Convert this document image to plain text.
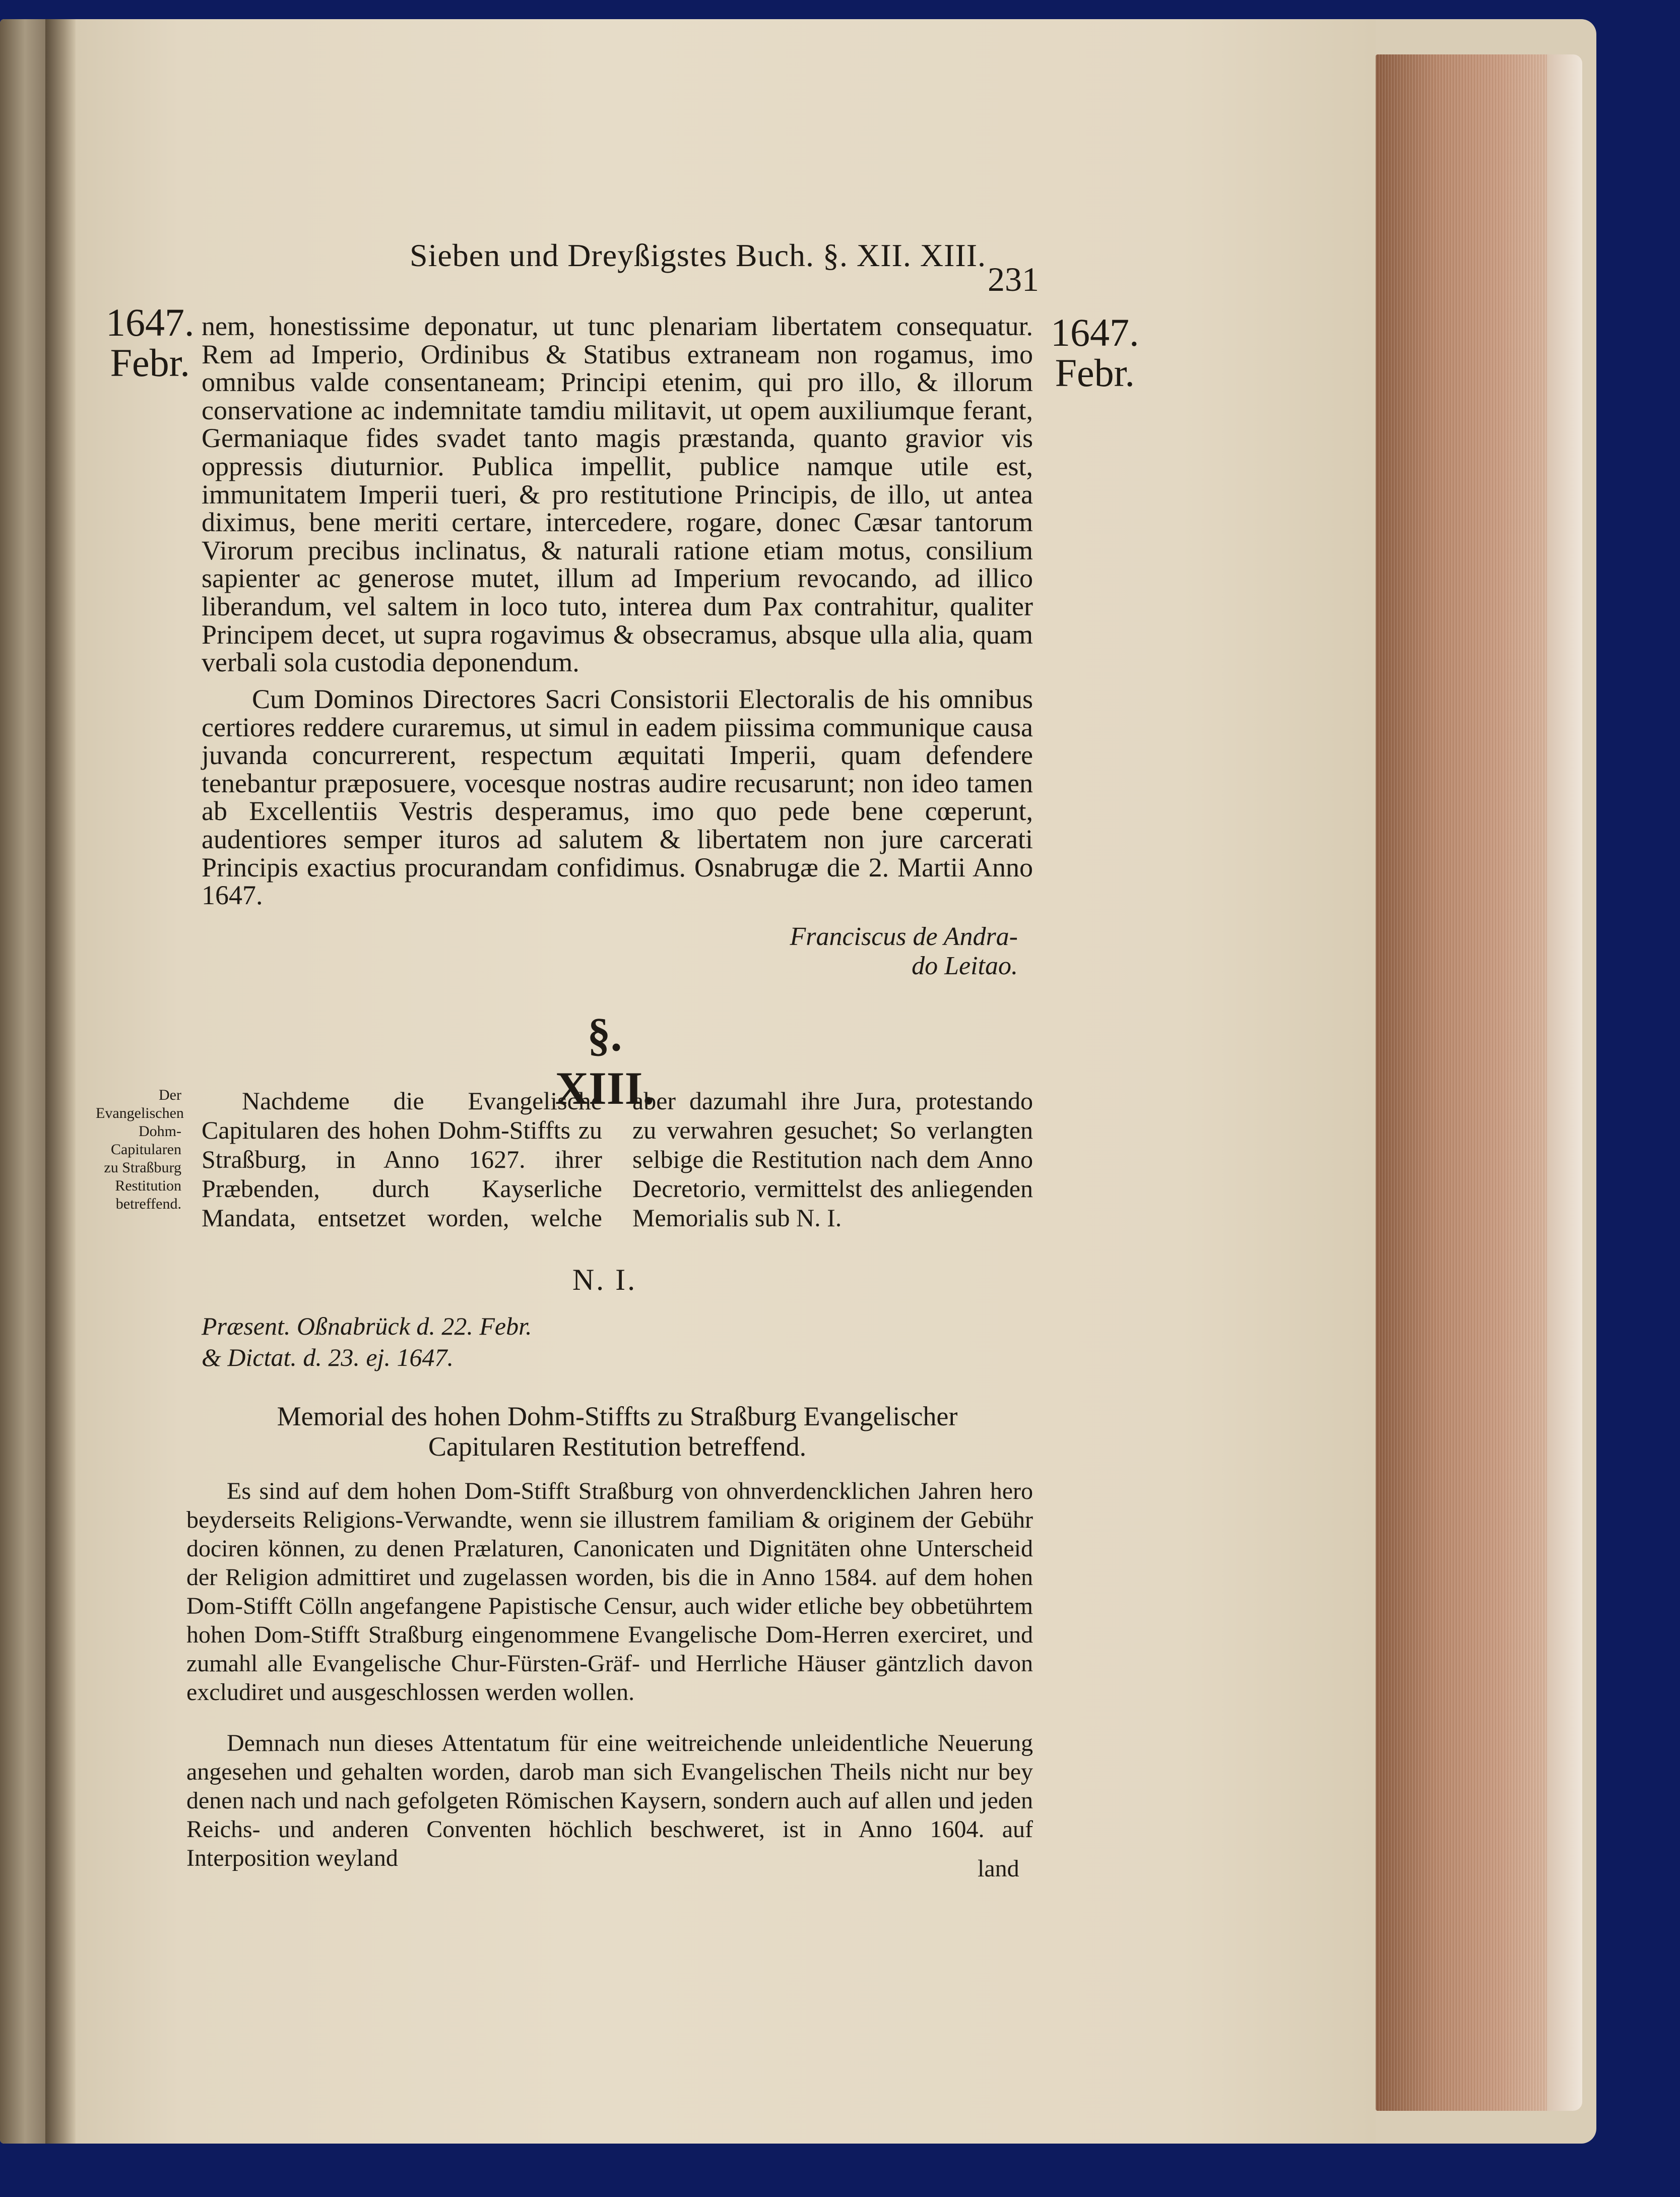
Sieben und Dreyßigstes Buch. §. XII. XIII.
231
1647.
Febr.
1647.
Febr.

nem, honestissime deponatur, ut tunc plenariam libertatem consequatur. Rem ad Imperio, Ordinibus & Statibus extraneam non rogamus, imo omnibus valde consentaneam; Principi etenim, qui pro illo, & illorum conservatione ac indemnitate tamdiu militavit, ut opem auxiliumque ferant, Germaniaque fides svadet tanto magis præstanda, quanto gravior vis oppressis diuturnior. Publica impellit, publice namque utile est, immunitatem Imperii tueri, & pro restitutione Principis, de illo, ut antea diximus, bene meriti certare, intercedere, rogare, donec Cæsar tantorum Virorum precibus inclinatus, & naturali ratione etiam motus, consilium sapienter ac generose mutet, illum ad Imperium revocando, ad illico liberandum, vel saltem in loco tuto, interea dum Pax contrahitur, qualiter Principem decet, ut supra rogavimus & obsecramus, absque ulla alia, quam verbali sola custodia deponendum.

Cum Dominos Directores Sacri Consistorii Electoralis de his omnibus certiores reddere curaremus, ut simul in eadem piissima communique causa juvanda concurrerent, respectum æquitati Imperii, quam defendere tenebantur præposuere, vocesque nostras audire recusarunt; non ideo tamen ab Excellentiis Vestris desperamus, imo quo pede bene cœperunt, audentiores semper ituros ad salutem & libertatem non jure carcerati Principis exactius procurandam confidimus. Osnabrugæ die 2. Martii Anno 1647.

Franciscus de Andra-
do Leitao.
§. XIII.
Der Evangelischen Dohm-Capitularen zu Straßburg Restitution betreffend.

Nachdeme die Evangelische Capitularen des hohen Dohm-Stiffts zu Straßburg, in Anno 1627. ihrer Præbenden, durch Kayserliche Mandata, entsetzet worden, welche aber dazumahl ihre Jura, protestando zu verwahren gesuchet; So verlangten selbige die Restitution nach dem Anno Decretorio, vermittelst des anliegenden Memorialis sub N. I.

N. I.
Præsent. Oßnabrück d. 22. Febr.
& Dictat. d. 23. ej. 1647.
Memorial des hohen Dohm-Stiffts zu Straßburg Evangelischer
Capitularen Restitution betreffend.

Es sind auf dem hohen Dom-Stifft Straßburg von ohnverdencklichen Jahren hero beyderseits Religions-Verwandte, wenn sie illustrem familiam & originem der Gebühr dociren können, zu denen Prælaturen, Canonicaten und Dignitäten ohne Unterscheid der Religion admittiret und zugelassen worden, bis die in Anno 1584. auf dem hohen Dom-Stifft Cölln angefangene Papistische Censur, auch wider etliche bey obbetührtem hohen Dom-Stifft Straßburg eingenommene Evangelische Dom-Herren exerciret, und zumahl alle Evangelische Chur-Fürsten-Gräf- und Herrliche Häuser gäntzlich davon excludiret und ausgeschlossen werden wollen.

Demnach nun dieses Attentatum für eine weitreichende unleidentliche Neuerung angesehen und gehalten worden, darob man sich Evangelischen Theils nicht nur bey denen nach und nach gefolgeten Römischen Kaysern, sondern auch auf allen und jeden Reichs- und anderen Conventen höchlich beschweret, ist in Anno 1604. auf Interposition weyland	land
